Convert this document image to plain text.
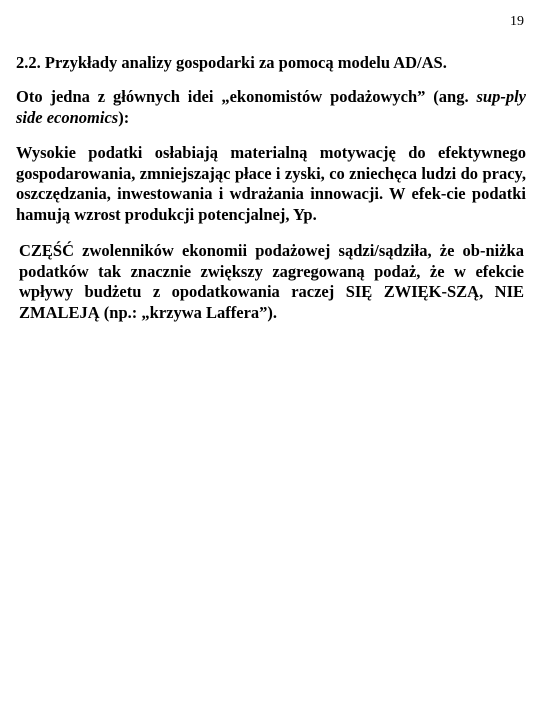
19
2.2. Przykłady analizy gospodarki za pomocą modelu AD/AS.

Oto jedna z głównych idei „ekonomistów podażowych” (ang. sup-ply side economics):

Wysokie podatki osłabiają materialną motywację do efektywnego gospodarowania, zmniejszając płace i zyski, co zniechęca ludzi do pracy, oszczędzania, inwestowania i wdrażania innowacji. W efek-cie podatki hamują wzrost produkcji potencjalnej, Yp.

CZĘŚĆ zwolenników ekonomii podażowej sądzi/sądziła, że ob-niżka podatków tak znacznie zwiększy zagregowaną podaż, że w efekcie wpływy budżetu z opodatkowania raczej SIĘ ZWIĘK-SZĄ, NIE ZMALEJĄ (np.: „krzywa Laffera”).
